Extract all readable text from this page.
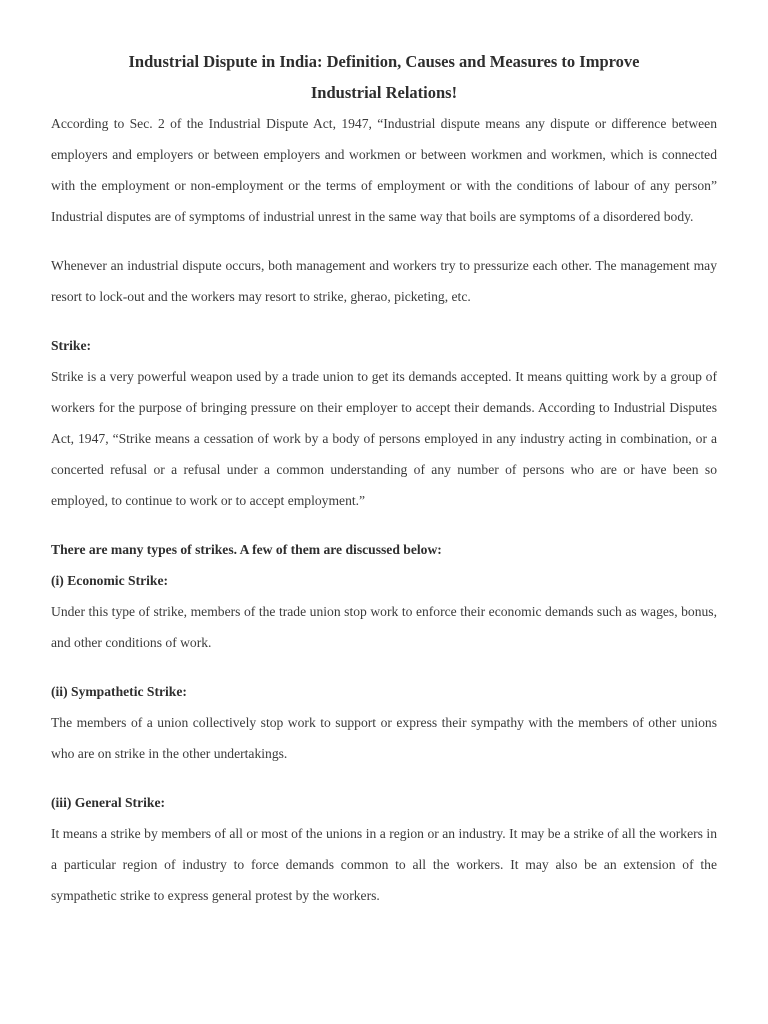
Industrial Dispute in India: Definition, Causes and Measures to Improve
Industrial Relations!

According to Sec. 2 of the Industrial Dispute Act, 1947, “Industrial dispute means any dispute or difference between employers and employers or between employers and workmen or between workmen and workmen, which is connected with the employment or non-employment or the terms of employment or with the conditions of labour of any person” Industrial disputes are of symptoms of industrial unrest in the same way that boils are symptoms of a disordered body.

Whenever an industrial dispute occurs, both management and workers try to pressurize each other. The management may resort to lock-out and the workers may resort to strike, gherao, picketing, etc.

Strike:

Strike is a very powerful weapon used by a trade union to get its demands accepted. It means quitting work by a group of workers for the purpose of bringing pressure on their employer to accept their demands. According to Industrial Disputes Act, 1947, “Strike means a cessation of work by a body of persons employed in any industry acting in combination, or a concerted refusal or a refusal under a common understanding of any number of persons who are or have been so employed, to continue to work or to accept employment.”

There are many types of strikes. A few of them are discussed below:

(i) Economic Strike:

Under this type of strike, members of the trade union stop work to enforce their economic demands such as wages, bonus, and other conditions of work.

(ii) Sympathetic Strike:

The members of a union collectively stop work to support or express their sympathy with the members of other unions who are on strike in the other undertakings.

(iii) General Strike:

It means a strike by members of all or most of the unions in a region or an industry. It may be a strike of all the workers in a particular region of industry to force demands common to all the workers. It may also be an extension of the sympathetic strike to express general protest by the workers.
